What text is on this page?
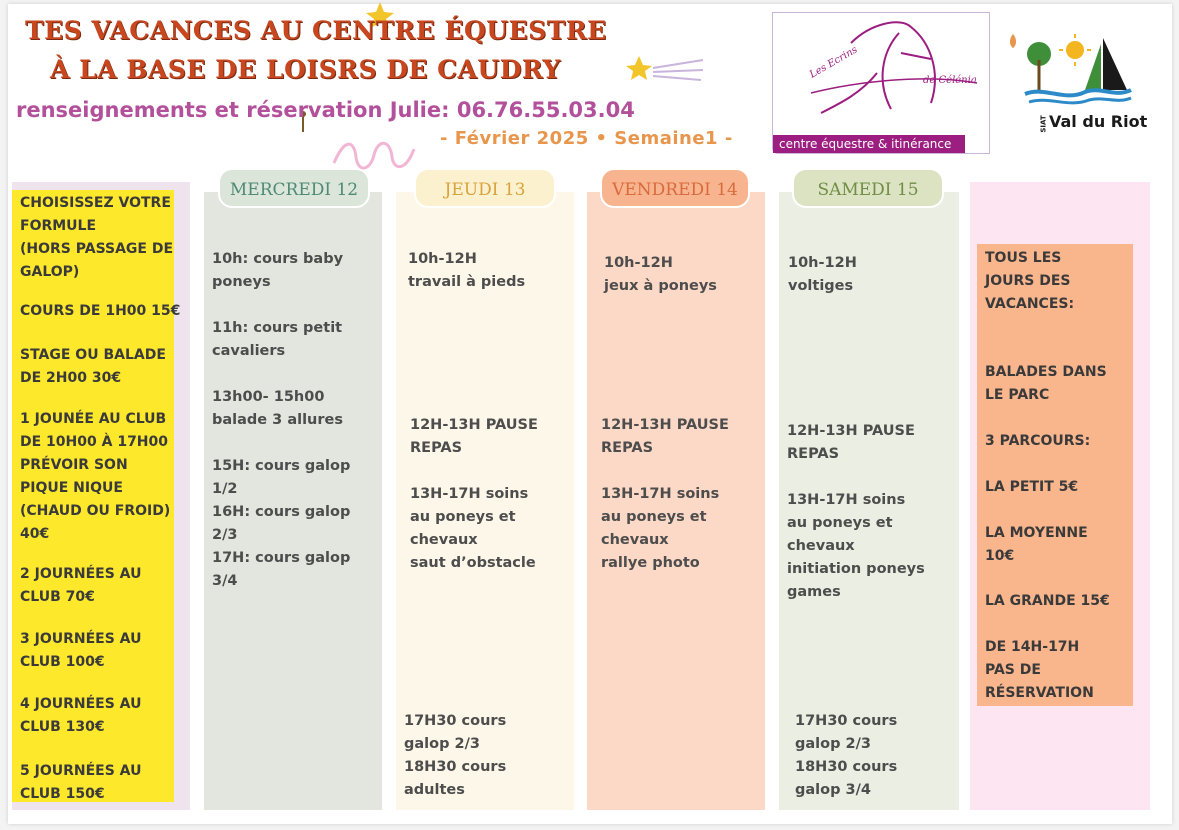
TES VACANCES AU CENTRE ÉQUESTRE
À LA BASE DE LOISRS DE CAUDRY
renseignements et réservation Julie: 06.76.55.03.04
- Février 2025 • Semaine1 -
Les Ecrins	de Célénia
centre équestre & itinérance
SIAT Val du Riot
MERCREDI 12	JEUDI 13	VENDREDI 14	SAMEDI 15
CHOISISSEZ VOTRE
FORMULE
(HORS PASSAGE DE
GALOP)
COURS DE 1H00 15€
STAGE OU BALADE
DE 2H00 30€
1 JOUNÉE AU CLUB
DE 10H00 À 17H00
PRÉVOIR SON
PIQUE NIQUE
(CHAUD OU FROID)
40€
2 JOURNÉES AU
CLUB 70€
3 JOURNÉES AU
CLUB 100€
4 JOURNÉES AU
CLUB 130€
5 JOURNÉES AU
CLUB 150€
10h: cours baby
poneys

11h: cours petit
cavaliers

13h00- 15h00
balade 3 allures

15H: cours galop
1/2
16H: cours galop
2/3
17H: cours galop
3/4
10h-12H
travail à pieds
12H-13H PAUSE
REPAS

13H-17H soins
au poneys et
chevaux
saut d’obstacle
17H30 cours
galop 2/3
18H30 cours
adultes
10h-12H
jeux à poneys
12H-13H PAUSE
REPAS

13H-17H soins
au poneys et
chevaux
rallye photo
10h-12H
voltiges
12H-13H PAUSE
REPAS

13H-17H soins
au poneys et
chevaux
initiation poneys
games
17H30 cours
galop 2/3
18H30 cours
galop 3/4
TOUS LES
JOURS DES
VACANCES:
BALADES DANS
LE PARC
3 PARCOURS:
LA PETIT 5€
LA MOYENNE
10€
LA GRANDE 15€
DE 14H-17H
PAS DE
RÉSERVATION
